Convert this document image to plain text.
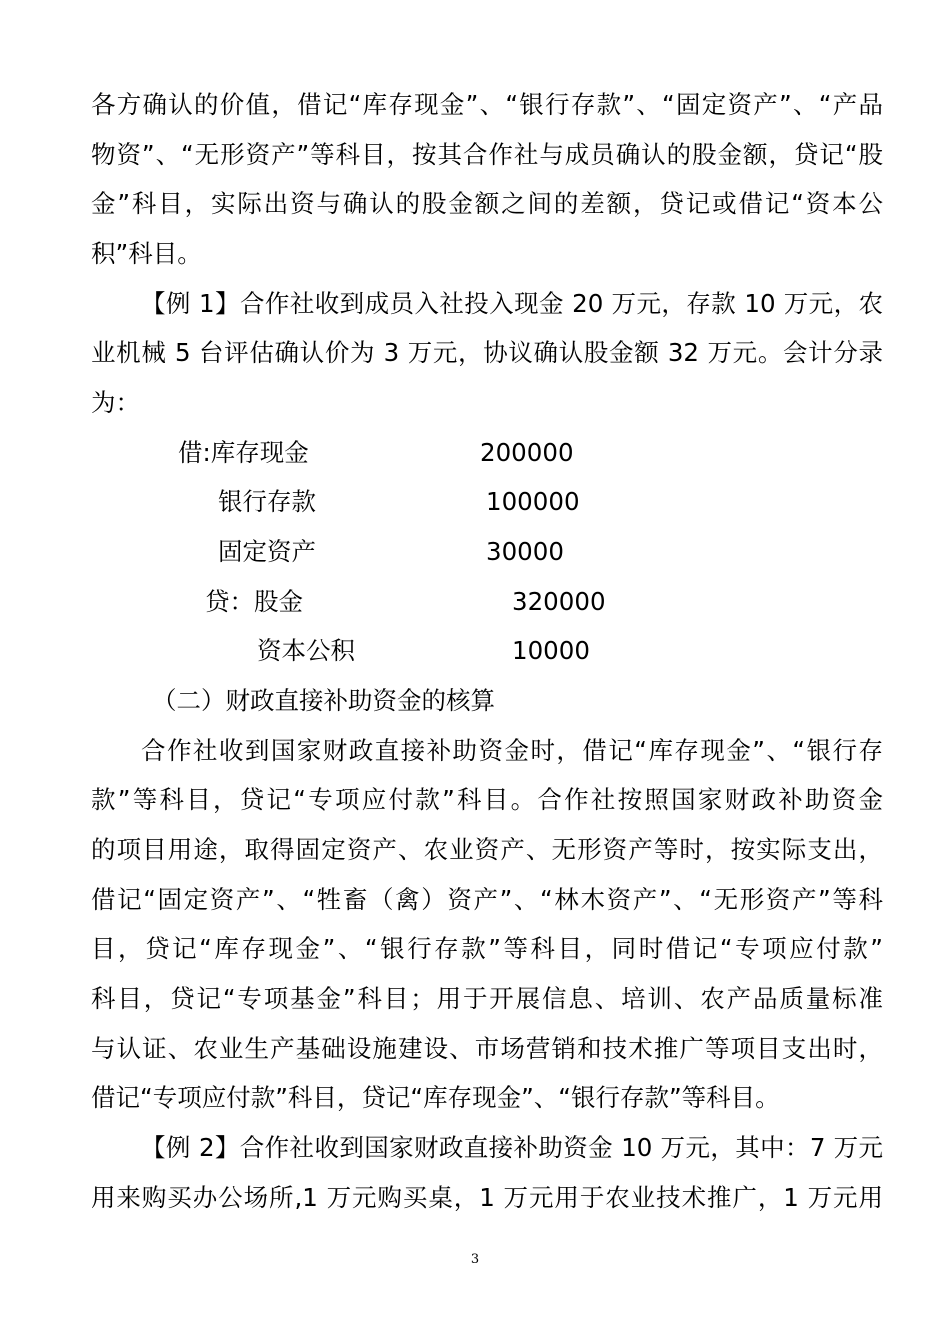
各方确认的价值，借记“库存现金”、“银行存款”、“固定资产”、“产品
物资”、“无形资产”等科目，按其合作社与成员确认的股金额，贷记“股
金”科目，实际出资与确认的股金额之间的差额，贷记或借记“资本公
积”科目。
【例 1】合作社收到成员入社投入现金 20 万元，存款 10 万元，农
业机械 5 台评估确认价为 3 万元，协议确认股金额 32 万元。会计分录
为：
借:库存现金	200000
银行存款	100000
固定资产	30000
贷：股金	320000
资本公积	10000
（二）财政直接补助资金的核算
合作社收到国家财政直接补助资金时，借记“库存现金”、“银行存
款”等科目，贷记“专项应付款”科目。合作社按照国家财政补助资金
的项目用途，取得固定资产、农业资产、无形资产等时，按实际支出，
借记“固定资产”、“牲畜（禽）资产”、“林木资产”、“无形资产”等科
目，贷记“库存现金”、“银行存款”等科目，同时借记“专项应付款”
科目，贷记“专项基金”科目；用于开展信息、培训、农产品质量标准
与认证、农业生产基础设施建设、市场营销和技术推广等项目支出时，
借记“专项应付款”科目，贷记“库存现金”、“银行存款”等科目。
【例 2】合作社收到国家财政直接补助资金 10 万元，其中：7 万元
用来购买办公场所,1 万元购买桌，1 万元用于农业技术推广，1 万元用
3
